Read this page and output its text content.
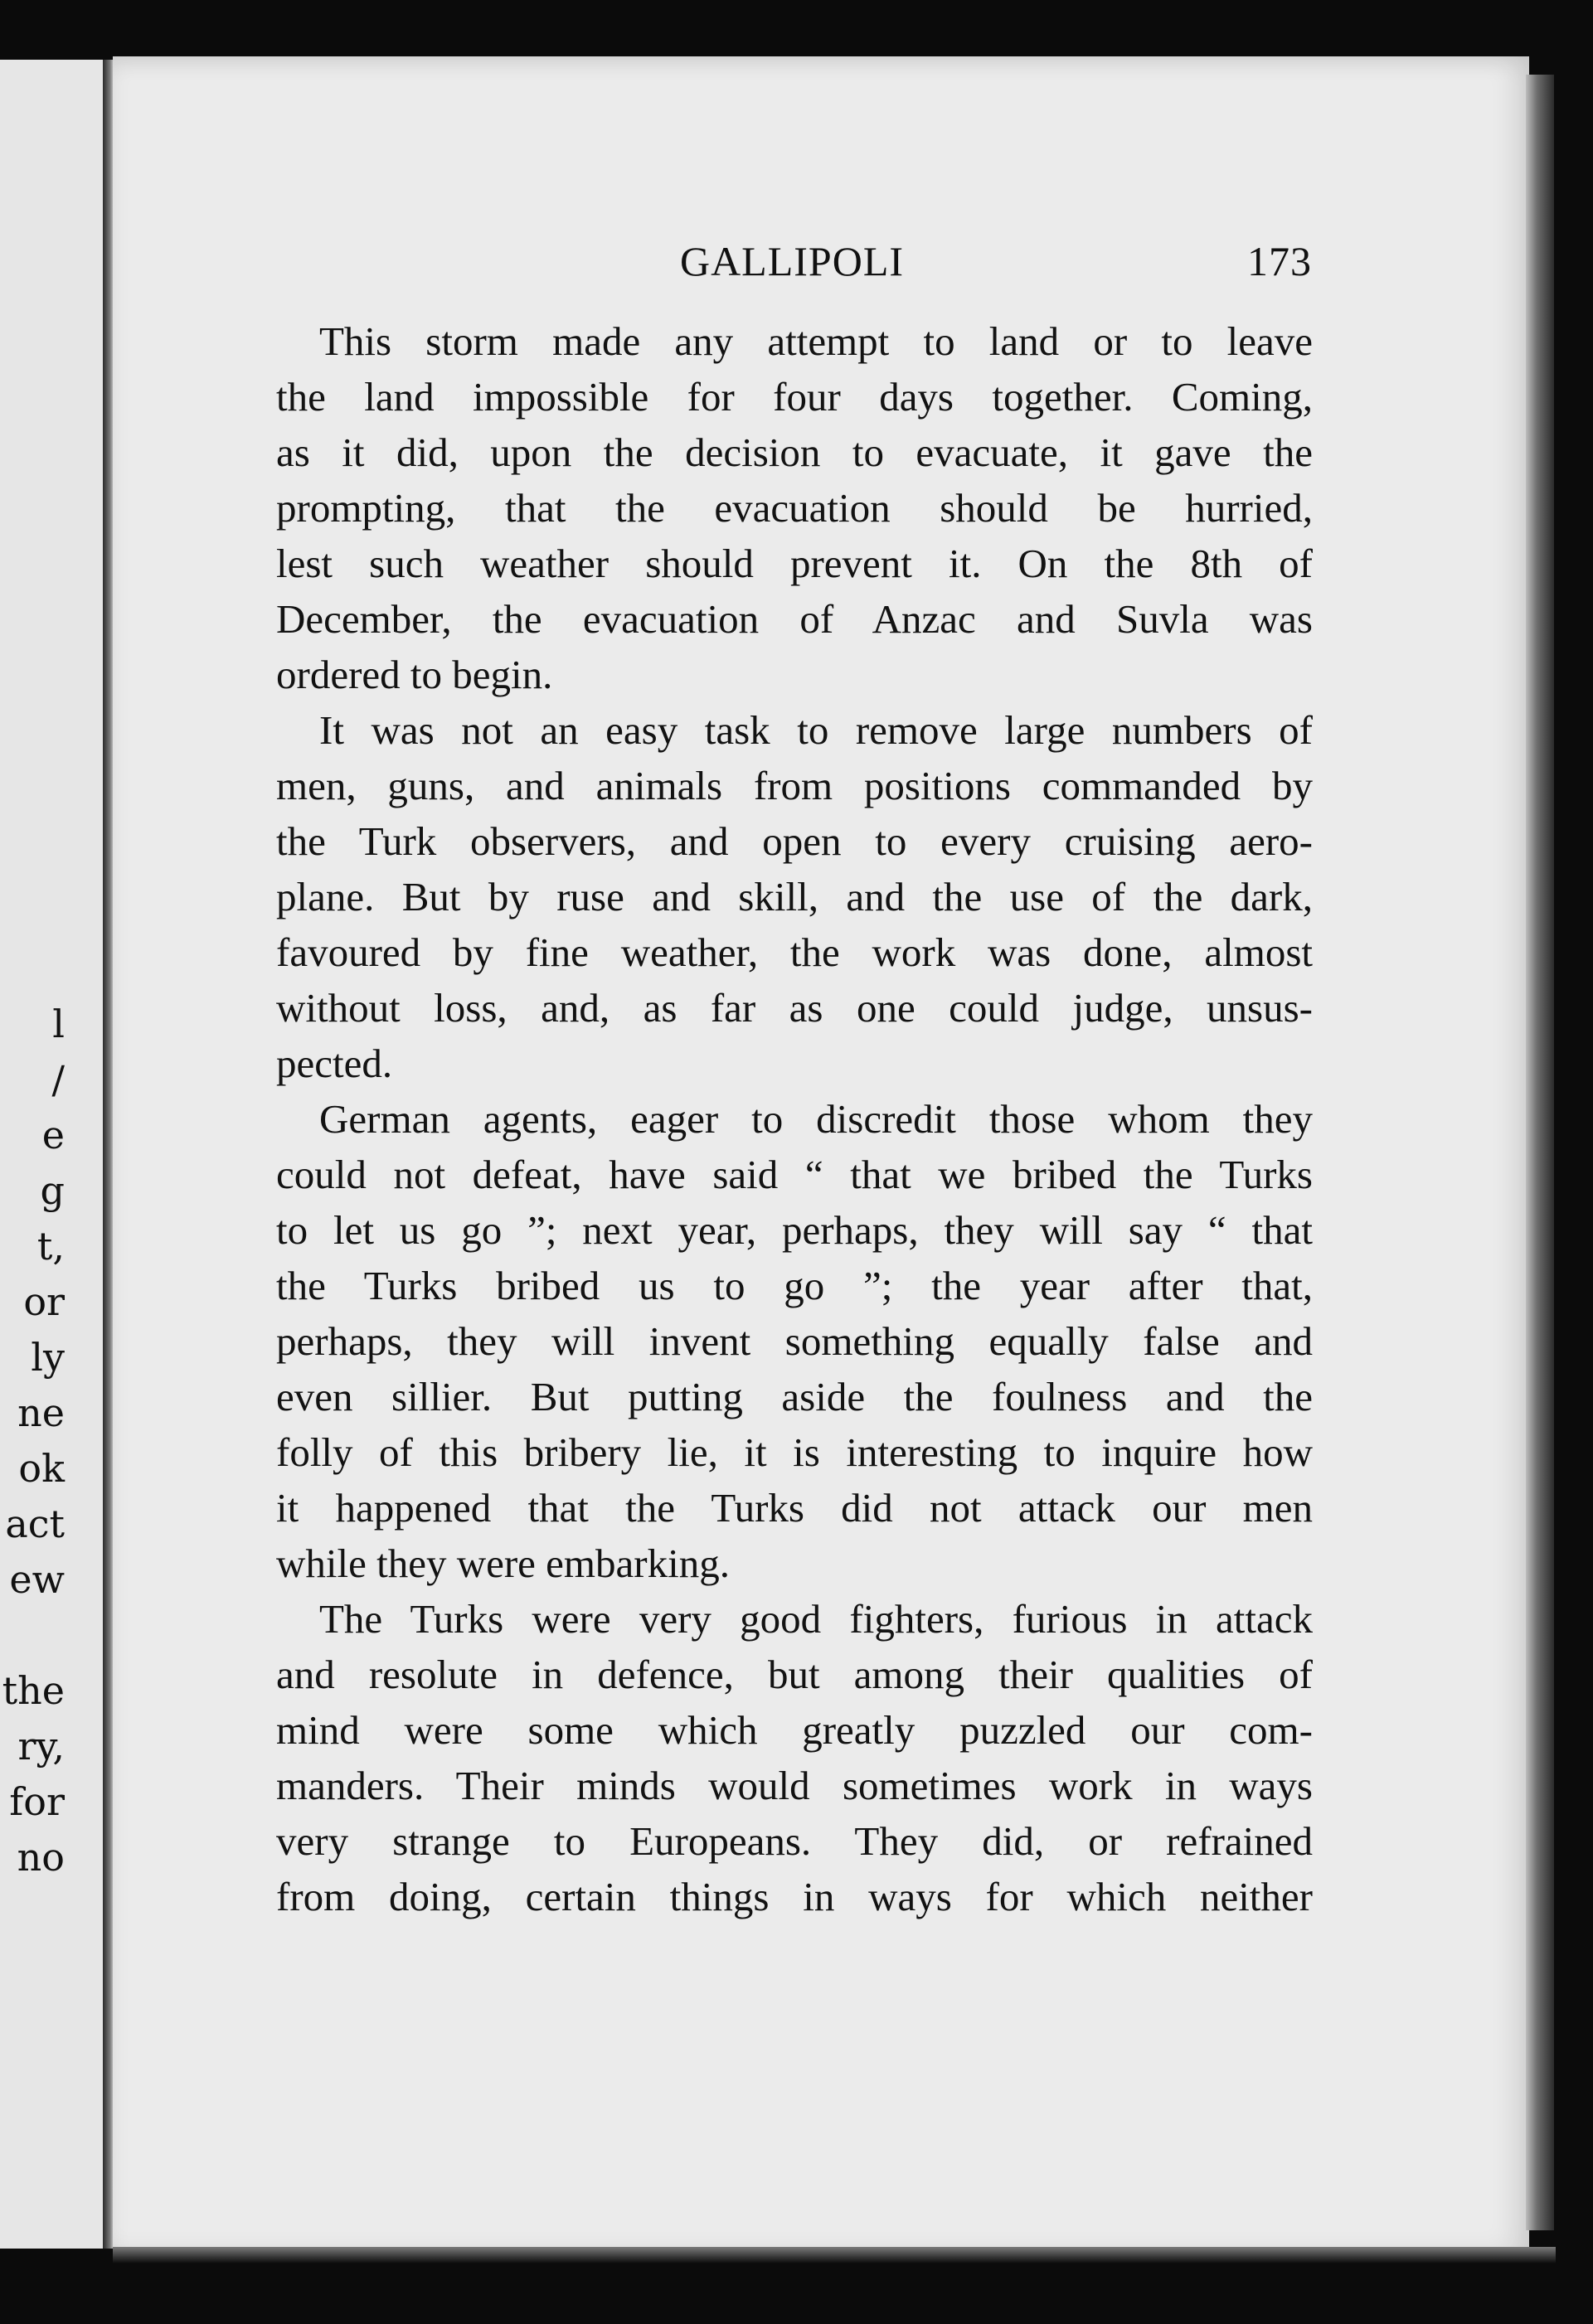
l
/
e
g
t,
or
ly
ne
ok
act
ew
the
ry,
for
no
GALLIPOLI	173
This storm made any attempt to land or to leave
the land impossible for four days together. Coming,
as it did, upon the decision to evacuate, it gave the
prompting, that the evacuation should be hurried,
lest such weather should prevent it. On the 8th of
December, the evacuation of Anzac and Suvla was
ordered to begin.
It was not an easy task to remove large numbers of
men, guns, and animals from positions commanded by
the Turk observers, and open to every cruising aero-
plane. But by ruse and skill, and the use of the dark,
favoured by fine weather, the work was done, almost
without loss, and, as far as one could judge, unsus-
pected.
German agents, eager to discredit those whom they
could not defeat, have said “ that we bribed the Turks
to let us go ”; next year, perhaps, they will say “ that
the Turks bribed us to go ”; the year after that,
perhaps, they will invent something equally false and
even sillier. But putting aside the foulness and the
folly of this bribery lie, it is interesting to inquire how
it happened that the Turks did not attack our men
while they were embarking.
The Turks were very good fighters, furious in attack
and resolute in defence, but among their qualities of
mind were some which greatly puzzled our com-
manders. Their minds would sometimes work in ways
very strange to Europeans. They did, or refrained
from doing, certain things in ways for which neither
